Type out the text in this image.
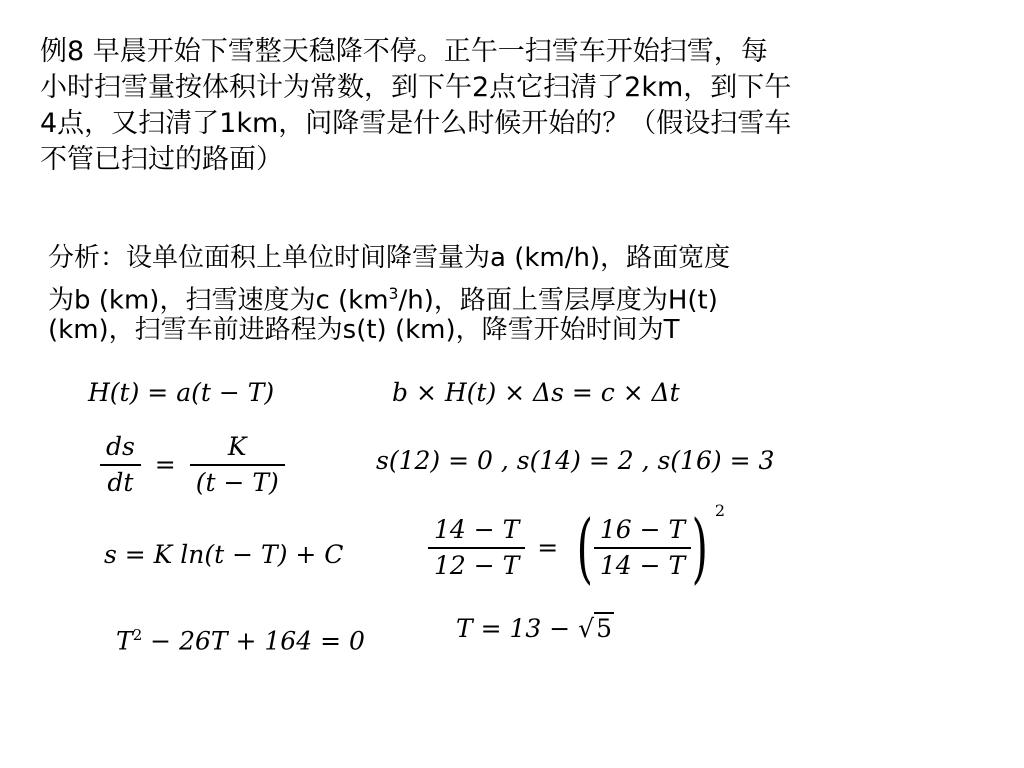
例8 早晨开始下雪整天稳降不停。正午一扫雪车开始扫雪，每
小时扫雪量按体积计为常数，到下午2点它扫清了2km，到下午
4点，又扫清了1km，问降雪是什么时候开始的？（假设扫雪车
不管已扫过的路面）
分析：设单位面积上单位时间降雪量为a (km/h)，路面宽度
为b (km)，扫雪速度为c $(km^3/h)$，路面上雪层厚度为H(t)
(km)，扫雪车前进路程为s(t) (km)，降雪开始时间为T
H(t) = a(t − T)	b × H(t) × Δs = c × Δt
$\frac{ds}{dt} = \frac{K}{(t - T)}$	s(12) = 0 , s(14) = 2 , s(16) = 3
$\frac{14 - T}{12 - T}$ = ( $\frac{16 - T}{14 - T}$ ) $^2$
s = K ln(t − T) + C
$T^2 - 26T + 164 = 0$	T = 13 − √5
